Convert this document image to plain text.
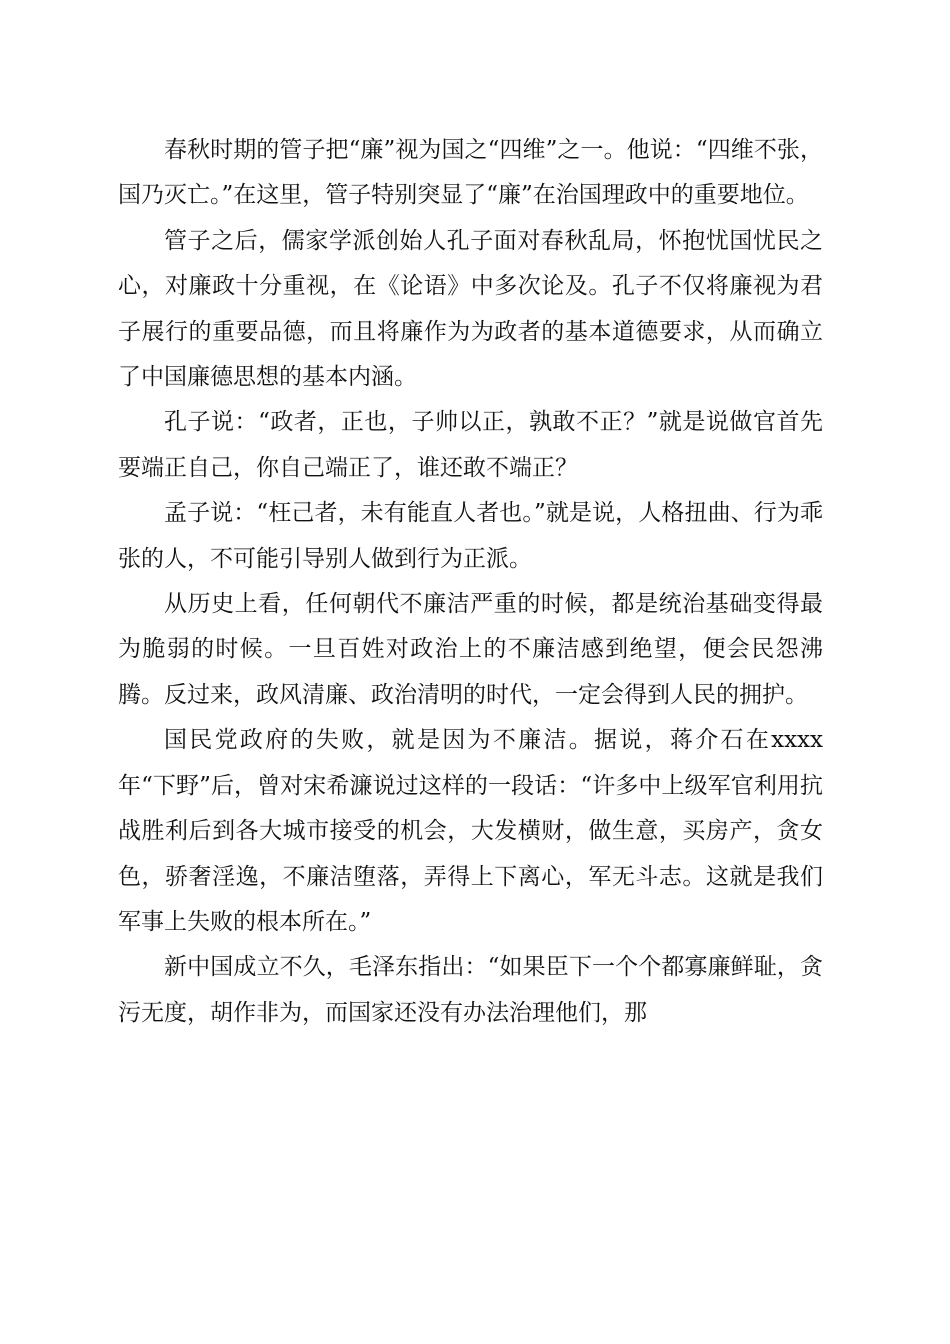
春秋时期的管子把“廉”视为国之“四维”之一。他说：“四维不张，国乃灭亡。”在这里，管子特别突显了“廉”在治国理政中的重要地位。

管子之后，儒家学派创始人孔子面对春秋乱局，怀抱忧国忧民之心，对廉政十分重视，在《论语》中多次论及。孔子不仅将廉视为君子展行的重要品德，而且将廉作为为政者的基本道德要求，从而确立了中国廉德思想的基本内涵。

孔子说：“政者，正也，子帅以正，孰敢不正？”就是说做官首先要端正自己，你自己端正了，谁还敢不端正？

孟子说：“枉己者，未有能直人者也。”就是说，人格扭曲、行为乖张的人，不可能引导别人做到行为正派。

从历史上看，任何朝代不廉洁严重的时候，都是统治基础变得最为脆弱的时候。一旦百姓对政治上的不廉洁感到绝望，便会民怨沸腾。反过来，政风清廉、政治清明的时代，一定会得到人民的拥护。

国民党政府的失败，就是因为不廉洁。据说，蒋介石在xxxx年“下野”后，曾对宋希濂说过这样的一段话：“许多中上级军官利用抗战胜利后到各大城市接受的机会，大发横财，做生意，买房产，贪女色，骄奢淫逸，不廉洁堕落，弄得上下离心，军无斗志。这就是我们军事上失败的根本所在。”

新中国成立不久，毛泽东指出：“如果臣下一个个都寡廉鲜耻，贪污无度，胡作非为，而国家还没有办法治理他们，那
